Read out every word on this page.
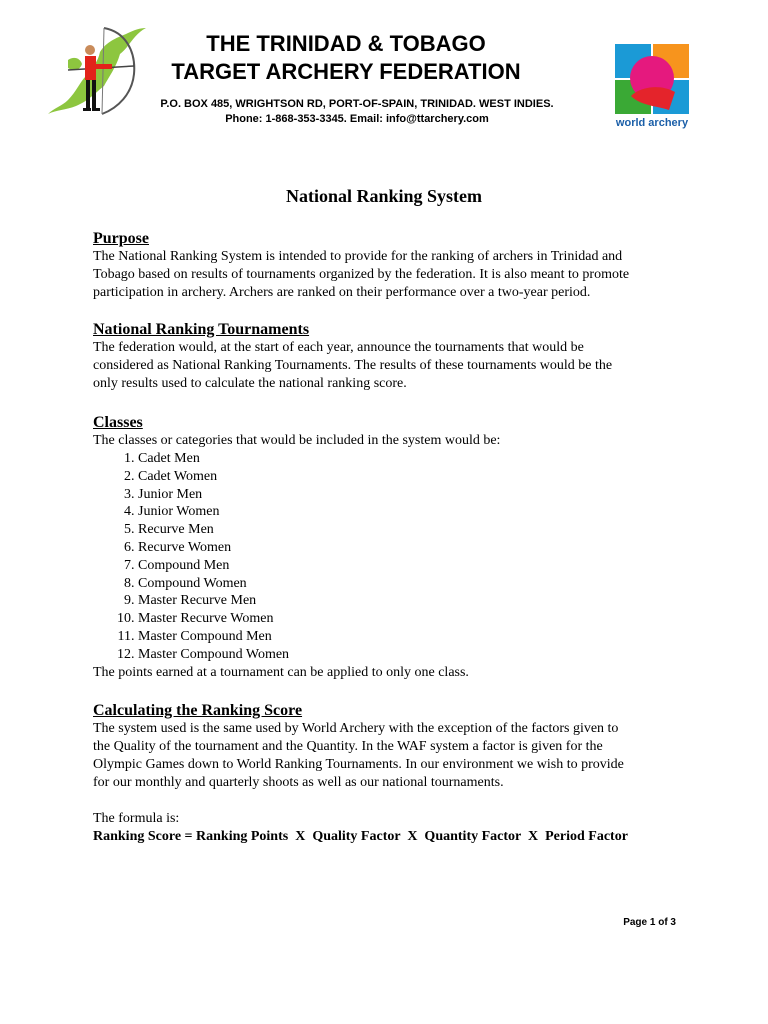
THE TRINIDAD & TOBAGO
TARGET ARCHERY FEDERATION
P.O. BOX 485, WRIGHTSON RD, PORT-OF-SPAIN, TRINIDAD. WEST INDIES.
Phone: 1-868-353-3345. Email: info@ttarchery.com	world archery
National Ranking System
Purpose

The National Ranking System is intended to provide for the ranking of archers in Trinidad and

Tobago based on results of tournaments organized by the federation. It is also meant to promote

participation in archery. Archers are ranked on their performance over a two-year period.

National Ranking Tournaments

The federation would, at the start of each year, announce the tournaments that would be

considered as National Ranking Tournaments. The results of these tournaments would be the

only results used to calculate the national ranking score.

Classes

The classes or categories that would be included in the system would be:

1. Cadet Men
2. Cadet Women
3. Junior Men
4. Junior Women
5. Recurve Men
6. Recurve Women
7. Compound Men
8. Compound Women
9. Master Recurve Men
10. Master Recurve Women
11. Master Compound Men
12. Master Compound Women

The points earned at a tournament can be applied to only one class.

Calculating the Ranking Score

The system used is the same used by World Archery with the exception of the factors given to

the Quality of the tournament and the Quantity. In the WAF system a factor is given for the

Olympic Games down to World Ranking Tournaments. In our environment we wish to provide

for our monthly and quarterly shoots as well as our national tournaments.

The formula is:

Ranking Score = Ranking Points  X  Quality Factor  X  Quantity Factor  X  Period Factor

Page 1 of 3
